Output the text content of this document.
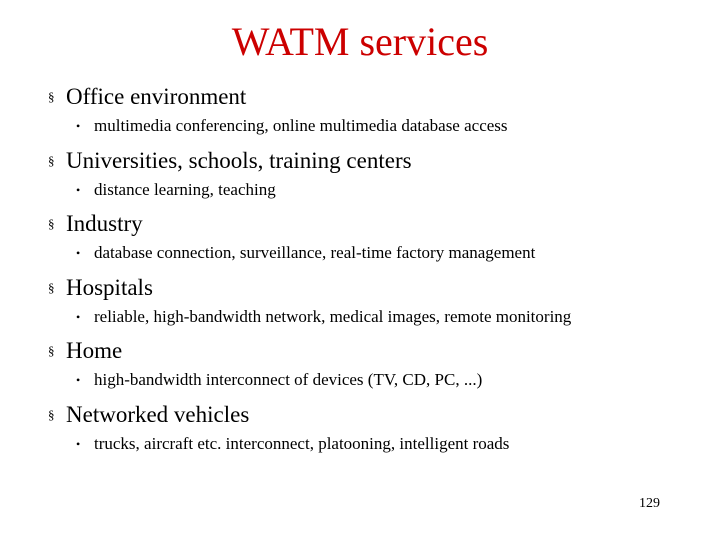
WATM services
§ Office environment
• multimedia conferencing, online multimedia database access
§ Universities, schools, training centers
• distance learning, teaching
§ Industry
• database connection, surveillance, real-time factory management
§ Hospitals
• reliable, high-bandwidth network, medical images, remote monitoring
§ Home
• high-bandwidth interconnect of devices (TV, CD, PC, ...)
§ Networked vehicles
• trucks, aircraft etc. interconnect, platooning, intelligent roads
129
